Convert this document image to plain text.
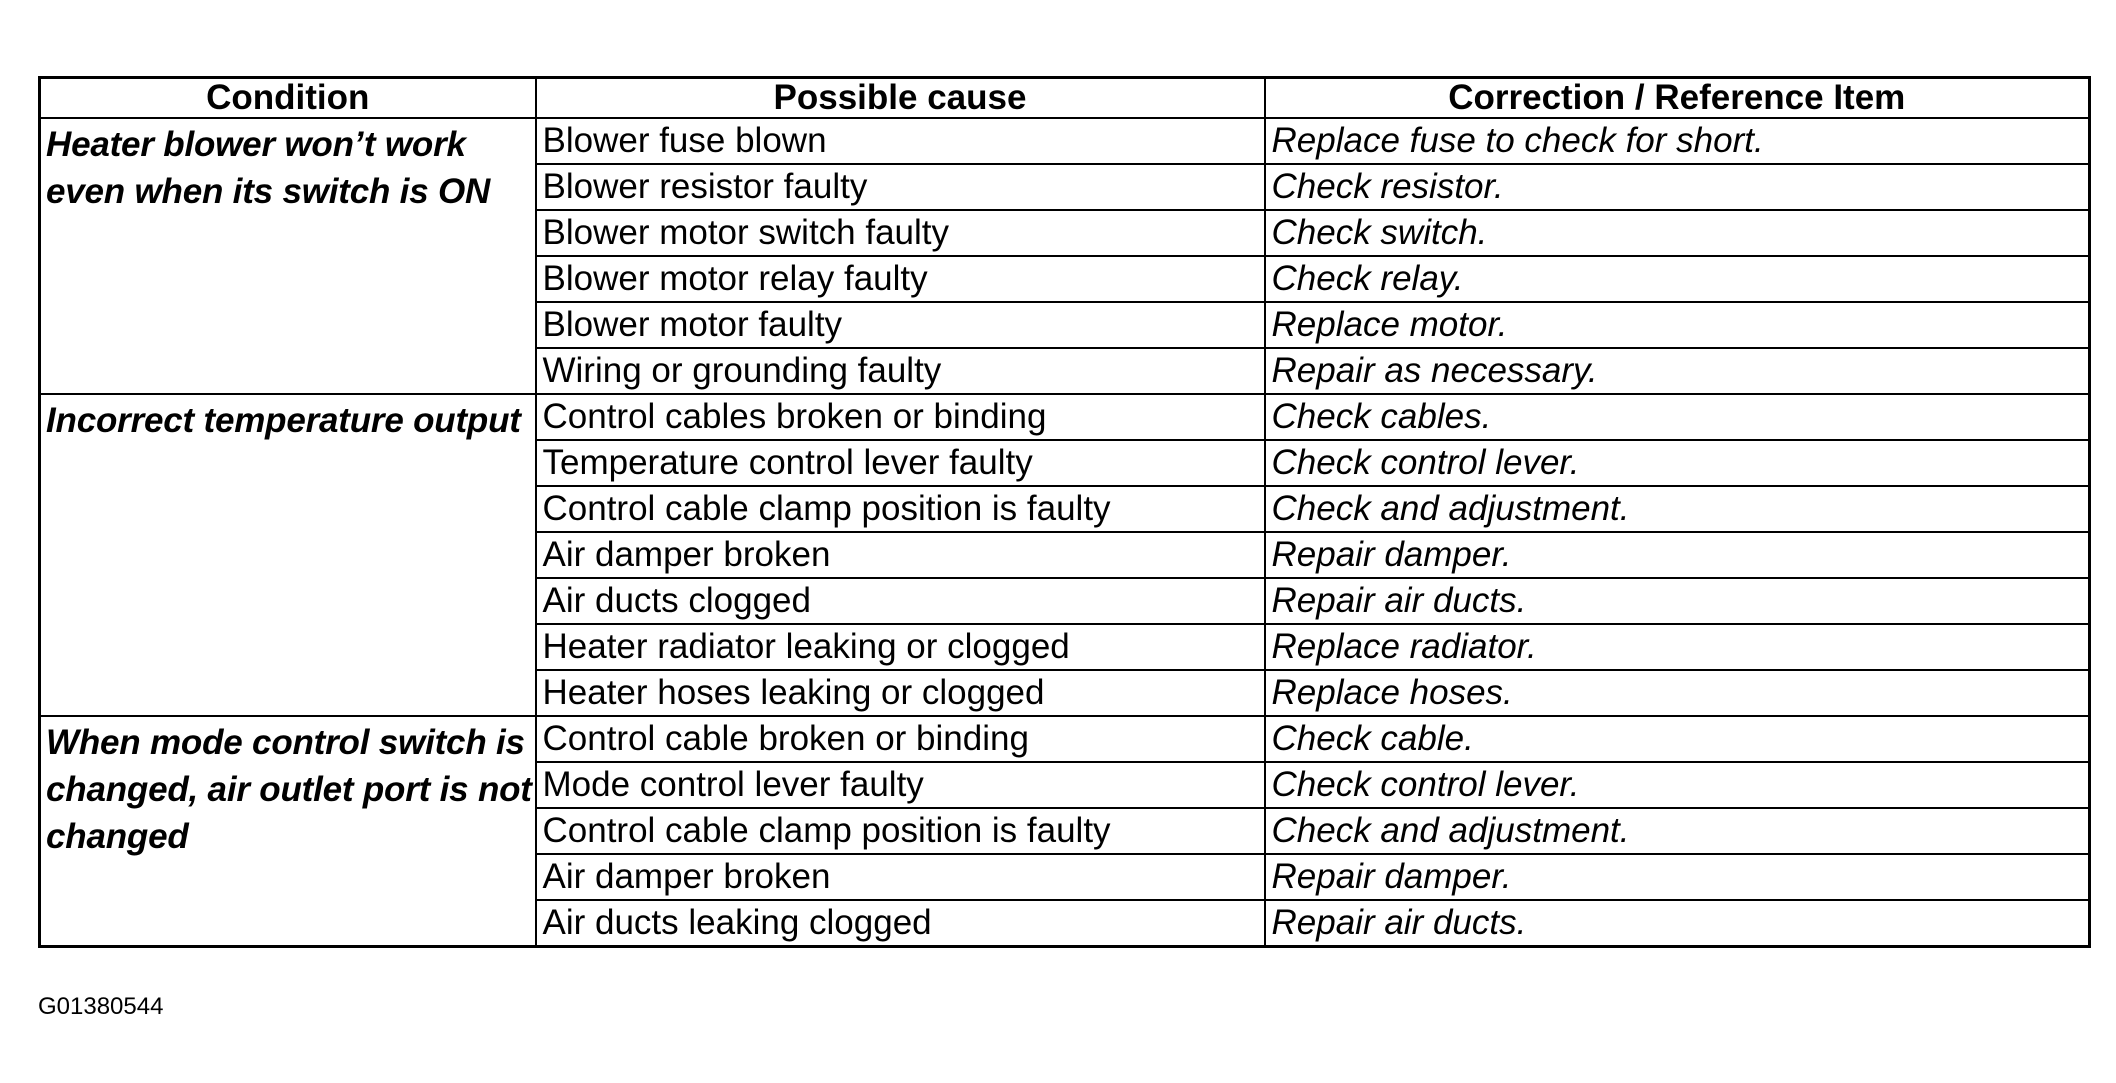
Condition	Possible cause	Correction / Reference Item
Heater blower won’t work even when its switch is ON	Blower fuse blown	Replace fuse to check for short.
	Blower resistor faulty	Check resistor.
	Blower motor switch faulty	Check switch.
	Blower motor relay faulty	Check relay.
	Blower motor faulty	Replace motor.
	Wiring or grounding faulty	Repair as necessary.
Incorrect temperature output	Control cables broken or binding	Check cables.
	Temperature control lever faulty	Check control lever.
	Control cable clamp position is faulty	Check and adjustment.
	Air damper broken	Repair damper.
	Air ducts clogged	Repair air ducts.
	Heater radiator leaking or clogged	Replace radiator.
	Heater hoses leaking or clogged	Replace hoses.
When mode control switch is changed, air outlet port is not changed	Control cable broken or binding	Check cable.
	Mode control lever faulty	Check control lever.
	Control cable clamp position is faulty	Check and adjustment.
	Air damper broken	Repair damper.
	Air ducts leaking clogged	Repair air ducts.
G01380544
